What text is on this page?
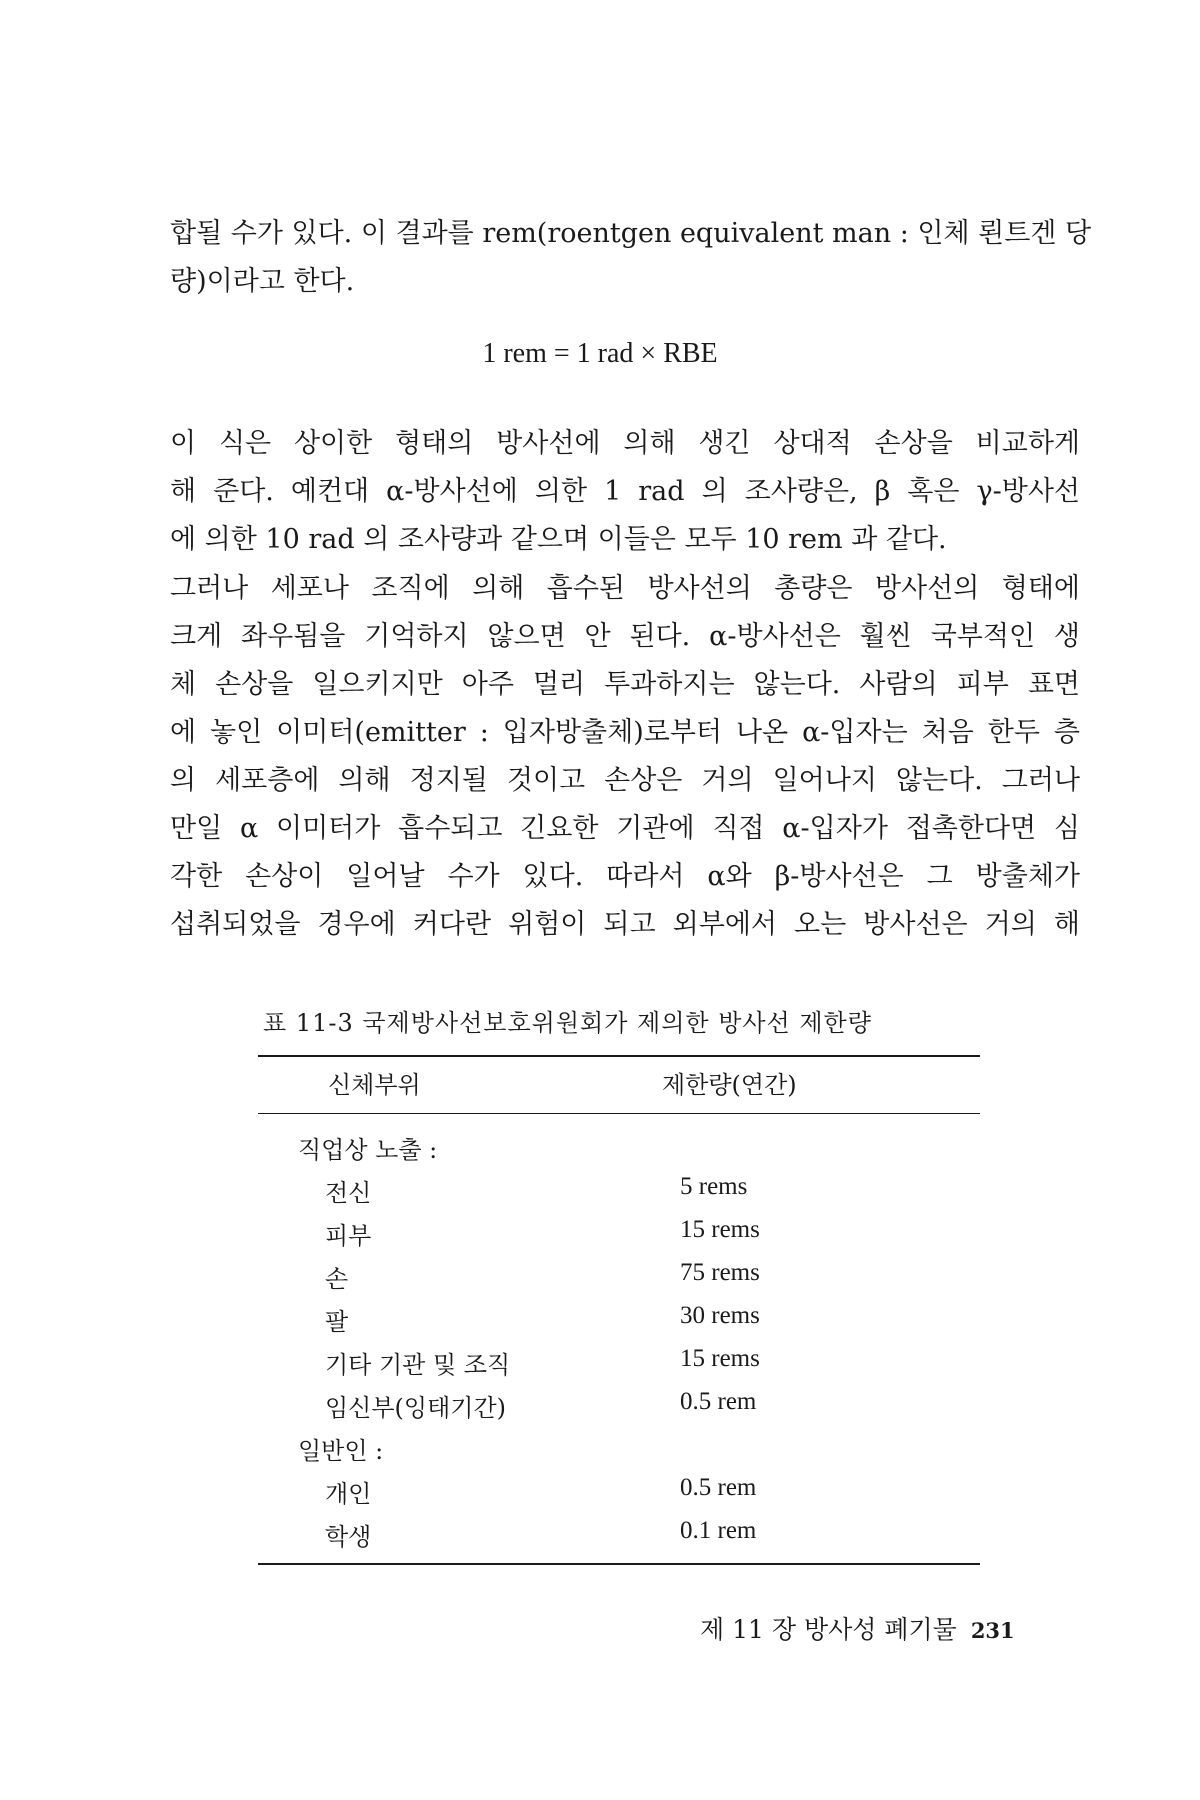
합될 수가 있다. 이 결과를 rem(roentgen equivalent man : 인체 뢴트겐 당
량)이라고 한다.

1 rem = 1 rad × RBE

이 식은 상이한 형태의 방사선에 의해 생긴 상대적 손상을 비교하게
해 준다. 예컨대 α-방사선에 의한 1 rad 의 조사량은, β 혹은 γ-방사선
에 의한 10 rad 의 조사량과 같으며 이들은 모두 10 rem 과 같다.
그러나 세포나 조직에 의해 흡수된 방사선의 총량은 방사선의 형태에
크게 좌우됨을 기억하지 않으면 안 된다. α-방사선은 훨씬 국부적인 생
체 손상을 일으키지만 아주 멀리 투과하지는 않는다. 사람의 피부 표면
에 놓인 이미터(emitter : 입자방출체)로부터 나온 α-입자는 처음 한두 층
의 세포층에 의해 정지될 것이고 손상은 거의 일어나지 않는다. 그러나
만일 α 이미터가 흡수되고 긴요한 기관에 직접 α-입자가 접촉한다면 심
각한 손상이 일어날 수가 있다. 따라서 α와 β-방사선은 그 방출체가
섭취되었을 경우에 커다란 위험이 되고 외부에서 오는 방사선은 거의 해

표 11-3 국제방사선보호위원회가 제의한 방사선 제한량

신체부위	제한량(연간)

직업상 노출 :

전신	5 rems

피부	15 rems

손	75 rems

팔	30 rems

기타 기관 및 조직	15 rems

임신부(잉태기간)	0.5 rem

일반인 :

개인	0.5 rem

학생	0.1 rem

제 11 장 방사성 폐기물 231
